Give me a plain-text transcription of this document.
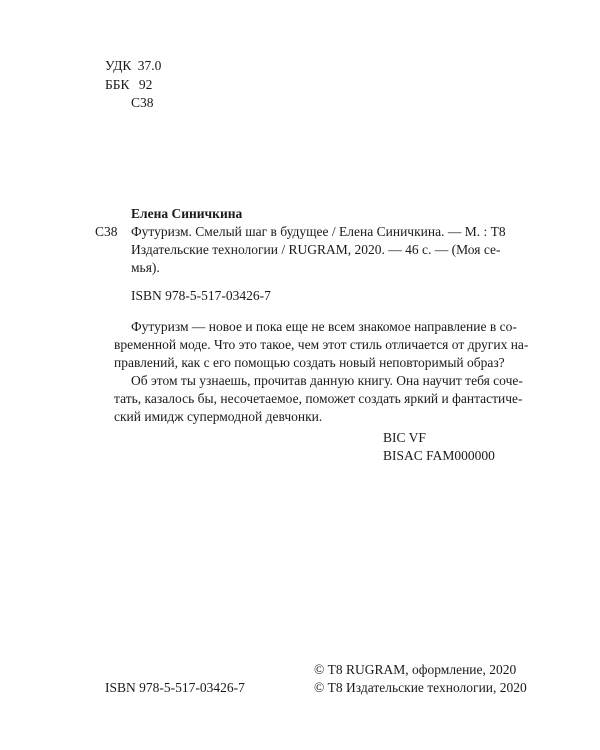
УДК 37.0
ББК 92
С38
Елена Синичкина
С38 Футуризм. Смелый шаг в будущее / Елена Синичкина. — М. : Т8
Издательские технологии / RUGRAM, 2020. — 46 с. — (Моя се-
мья).
ISBN 978-5-517-03426-7
Футуризм — новое и пока еще не всем знакомое направление в со-
временной моде. Что это такое, чем этот стиль отличается от других на-
правлений, как с его помощью создать новый неповторимый образ?
Об этом ты узнаешь, прочитав данную книгу. Она научит тебя соче-
тать, казалось бы, несочетаемое, поможет создать яркий и фантастиче-
ский имидж супермодной девчонки.
BIC VF
BISAC FAM000000
© Т8 RUGRAM, оформление, 2020
ISBN 978-5-517-03426-7	© Т8 Издательские технологии, 2020
